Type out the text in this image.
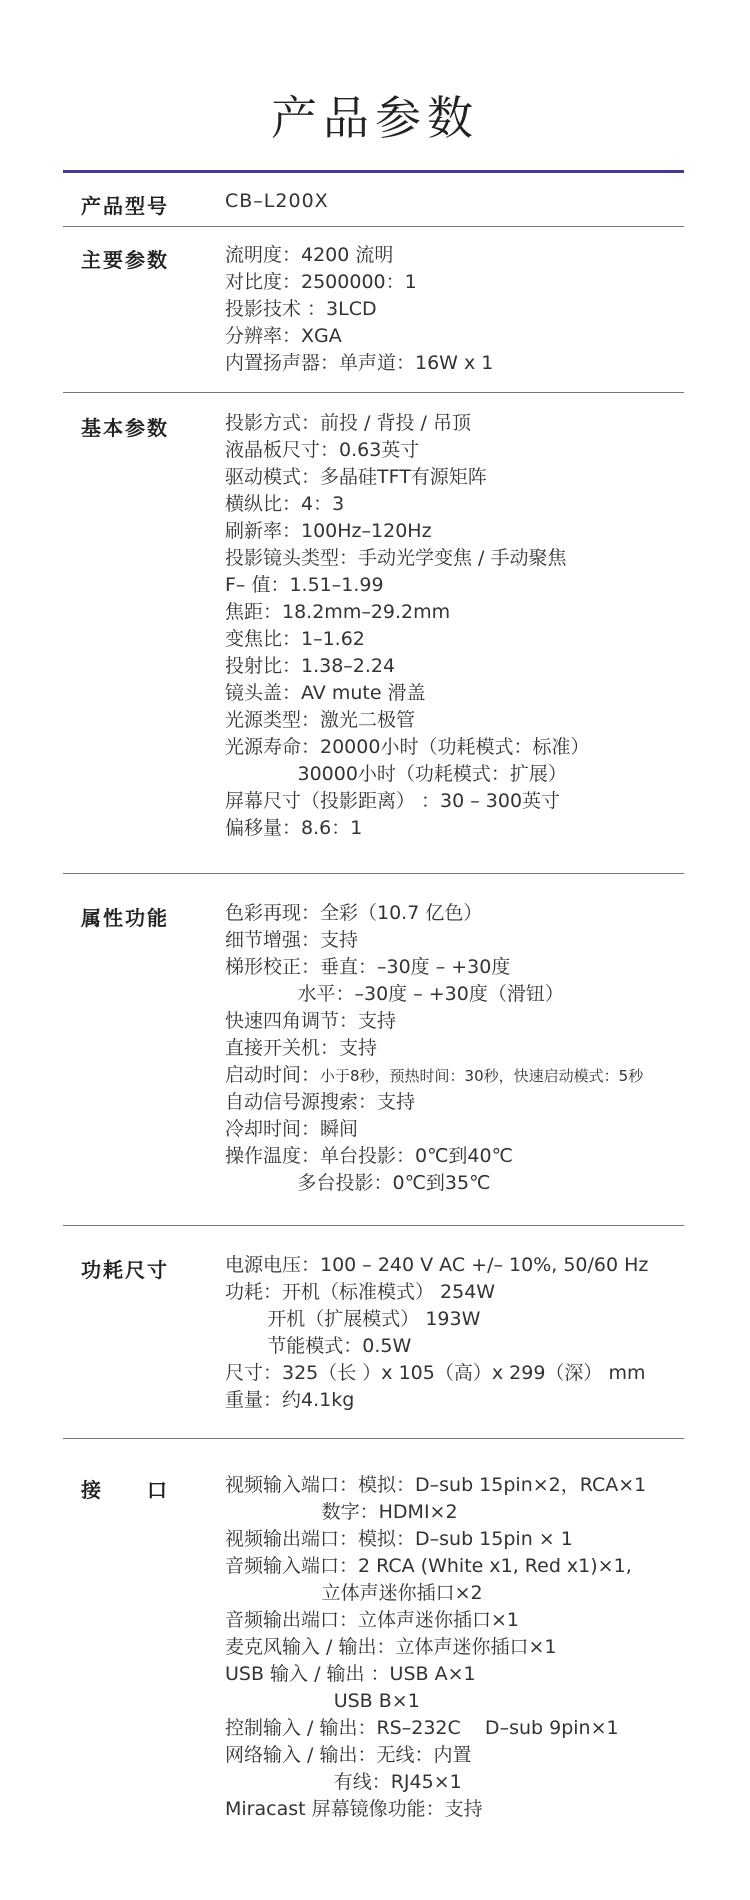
产品参数
产品型号	CB–L200X
主要参数	流明度：4200 流明
对比度：2500000：1
投影技术 ：3LCD
分辨率：XGA
内置扬声器：单声道：16W x 1
基本参数	投影方式：前投 / 背投 / 吊顶
液晶板尺寸：0.63英寸
驱动模式：多晶硅TFT有源矩阵
横纵比：4：3
刷新率：100Hz–120Hz
投影镜头类型：手动光学变焦 / 手动聚焦
F– 值：1.51–1.99
焦距：18.2mm–29.2mm
变焦比：1–1.62
投射比：1.38–2.24
镜头盖：AV mute 滑盖
光源类型：激光二极管
光源寿命：20000小时（功耗模式：标准）
30000小时（功耗模式：扩展）
屏幕尺寸（投影距离） ：30 – 300英寸
偏移量：8.6：1
属性功能	色彩再现：全彩（10.7 亿色）
细节增强：支持
梯形校正：垂直：–30度 – +30度
水平：–30度 – +30度（滑钮）
快速四角调节：支持
直接开关机：支持
启动时间：小于8秒，预热时间：30秒，快速启动模式：5秒
自动信号源搜索：支持
冷却时间：瞬间
操作温度：单台投影：0℃到40℃
多台投影：0℃到35℃
功耗尺寸	电源电压：100 – 240 V AC +/– 10%, 50/60 Hz
功耗：开机（标准模式） 254W
开机（扩展模式） 193W
节能模式：0.5W
尺寸：325（长 ）x 105（高）x 299（深） mm
重量：约4.1kg
接　　口	视频输入端口：模拟：D–sub 15pin×2，RCA×1
数字：HDMI×2
视频输出端口：模拟：D–sub 15pin × 1
音频输入端口：2 RCA (White x1, Red x1)×1,
立体声迷你插口×2
音频输出端口：立体声迷你插口×1
麦克风输入 / 输出：立体声迷你插口×1
USB 输入 / 输出 ：USB A×1
USB B×1
控制输入 / 输出：RS–232C    D–sub 9pin×1
网络输入 / 输出：无线：内置
有线：RJ45×1
Miracast 屏幕镜像功能：支持
